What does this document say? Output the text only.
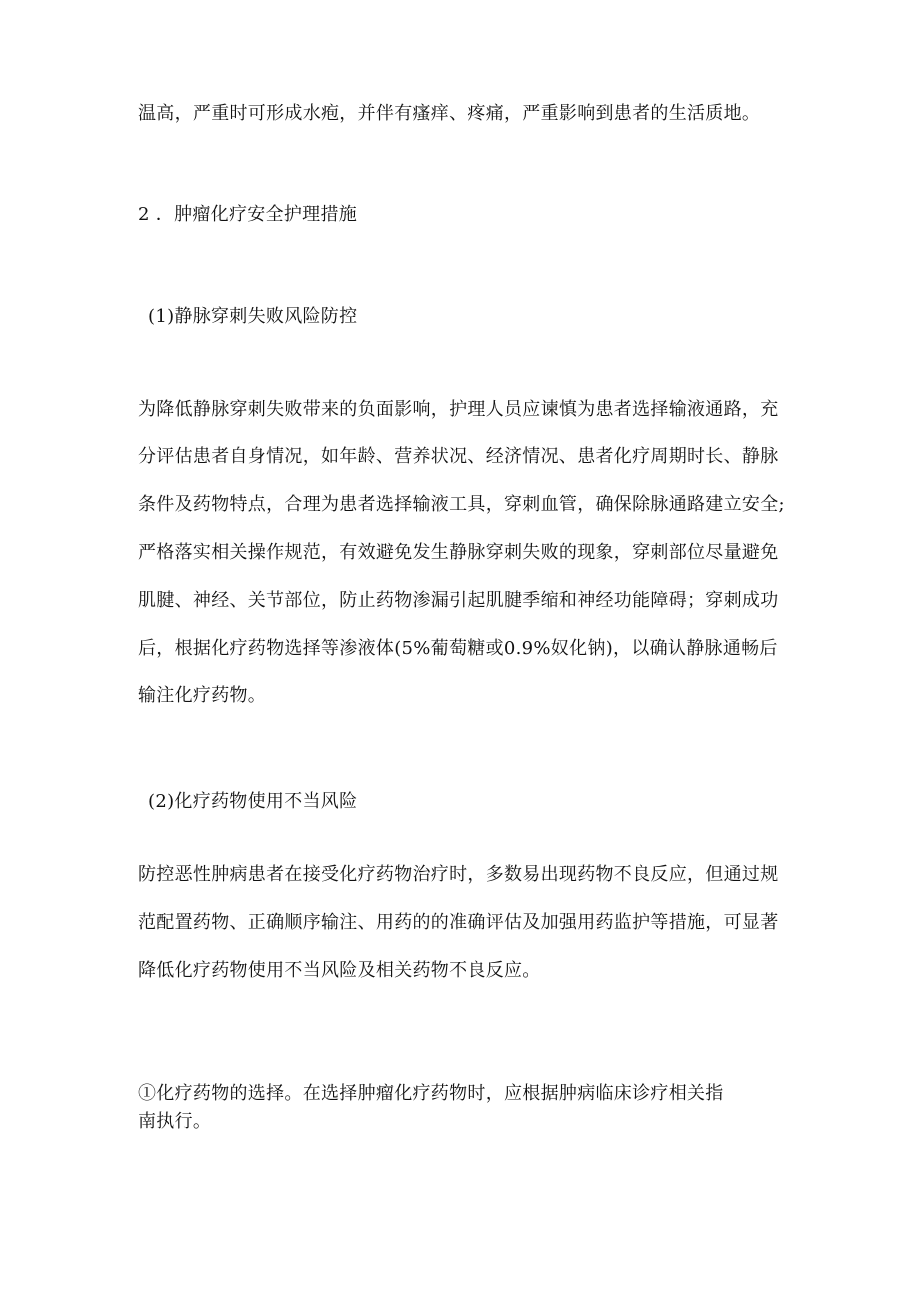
温高，严重时可形成水疱，并伴有瘙痒、疼痛，严重影响到患者的生活质地。
2 ．肿瘤化疗安全护理措施
(1)静脉穿刺失败风险防控
为降低静脉穿刺失败带来的负面影响，护理人员应谏慎为患者选择输液通路，充
分评估患者自身情况，如年龄、营养状况、经济情况、患者化疗周期时长、静脉
条件及药物特点，合理为患者选择输液工具，穿刺血管，确保除脉通路建立安全;
严格落实相关操作规范，有效避免发生静脉穿刺失败的现象，穿刺部位尽量避免
肌腱、神经、关节部位，防止药物渗漏引起肌腱季缩和神经功能障碍；穿刺成功
后，根据化疗药物选择等渗液体(5%葡萄糖或0.9%奴化钠)，以确认静脉通畅后
输注化疗药物。
(2)化疗药物使用不当风险
防控恶性肿病患者在接受化疗药物治疗时，多数易出现药物不良反应，但通过规
范配置药物、正确顺序输注、用药的的准确评估及加强用药监护等措施，可显著
降低化疗药物使用不当风险及相关药物不良反应。
①化疗药物的选择。在选择肿瘤化疗药物时，应根据肿病临床诊疗相关指
南执行。
